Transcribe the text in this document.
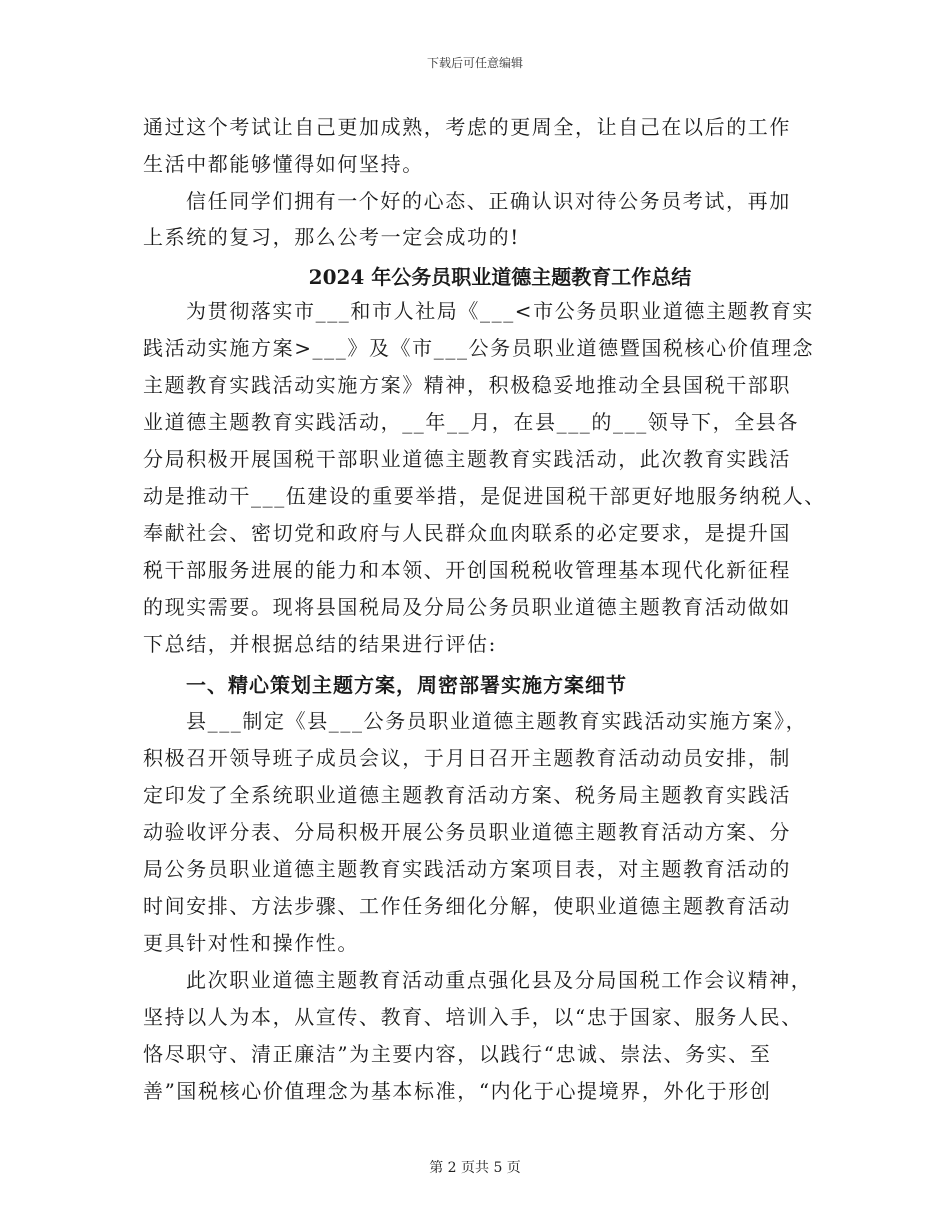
下载后可任意编辑
通过这个考试让自己更加成熟，考虑的更周全，让自己在以后的工作
生活中都能够懂得如何坚持。
信任同学们拥有一个好的心态、正确认识对待公务员考试，再加
上系统的复习，那么公考一定会成功的!
2024 年公务员职业道德主题教育工作总结
为贯彻落实市___和市人社局《___<市公务员职业道德主题教育实
践活动实施方案>___》及《市___公务员职业道德暨国税核心价值理念
主题教育实践活动实施方案》精神，积极稳妥地推动全县国税干部职
业道德主题教育实践活动，__年__月，在县___的___领导下，全县各
分局积极开展国税干部职业道德主题教育实践活动，此次教育实践活
动是推动干___伍建设的重要举措，是促进国税干部更好地服务纳税人、
奉献社会、密切党和政府与人民群众血肉联系的必定要求，是提升国
税干部服务进展的能力和本领、开创国税税收管理基本现代化新征程
的现实需要。现将县国税局及分局公务员职业道德主题教育活动做如
下总结，并根据总结的结果进行评估:
一、精心策划主题方案，周密部署实施方案细节
县___制定《县___公务员职业道德主题教育实践活动实施方案》，
积极召开领导班子成员会议，于月日召开主题教育活动动员安排，制
定印发了全系统职业道德主题教育活动方案、税务局主题教育实践活
动验收评分表、分局积极开展公务员职业道德主题教育活动方案、分
局公务员职业道德主题教育实践活动方案项目表，对主题教育活动的
时间安排、方法步骤、工作任务细化分解，使职业道德主题教育活动
更具针对性和操作性。
此次职业道德主题教育活动重点强化县及分局国税工作会议精神，
坚持以人为本，从宣传、教育、培训入手，以“忠于国家、服务人民、
恪尽职守、清正廉洁”为主要内容，以践行“忠诚、崇法、务实、至
善”国税核心价值理念为基本标准，“内化于心提境界，外化于形创
第 2 页共 5 页
